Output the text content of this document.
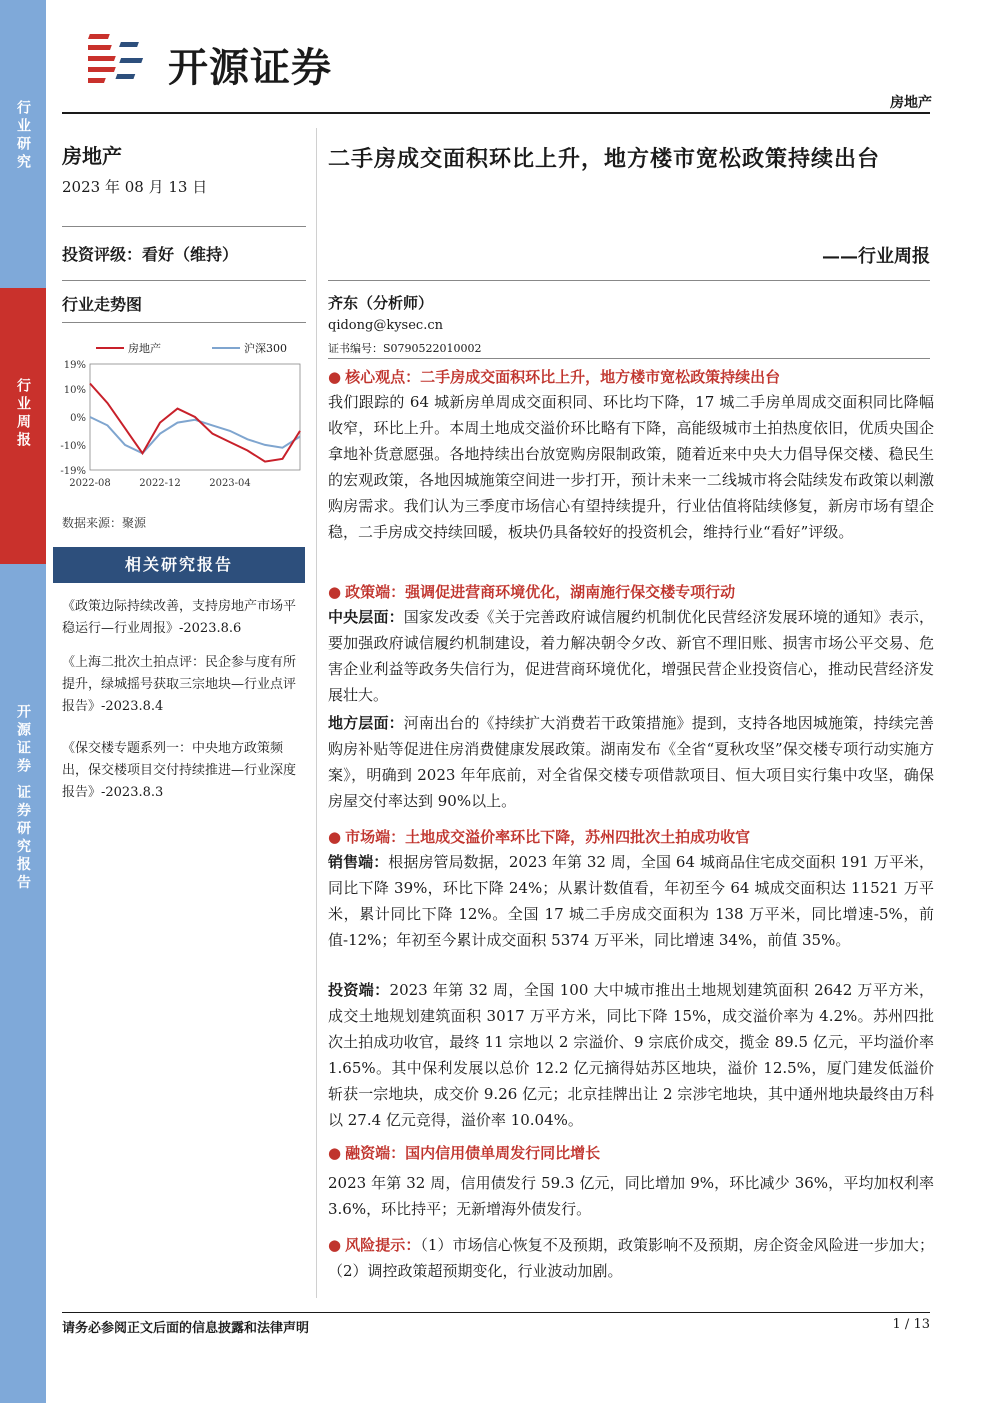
行业研究
行业周报
开源证券 证券研究报告
开源证券
房地产
房地产
2023 年 08 月 13 日
投资评级：看好（维持）
行业走势图
房地产	沪深300
19%
10%
0%
-10%
-19%
2022-08	2022-12	2023-04
数据来源：聚源
相关研究报告
《政策边际持续改善，支持房地产市场平稳运行—行业周报》-2023.8.6
《上海二批次土拍点评：民企参与度有所提升，绿城摇号获取三宗地块—行业点评报告》-2023.8.4
《保交楼专题系列一：中央地方政策频出，保交楼项目交付持续推进—行业深度报告》-2023.8.3
二手房成交面积环比上升，地方楼市宽松政策持续出台
——行业周报
齐东（分析师）
qidong@kysec.cn
证书编号：S0790522010002
● 核心观点：二手房成交面积环比上升，地方楼市宽松政策持续出台
我们跟踪的 64 城新房单周成交面积同、环比均下降，17 城二手房单周成交面积同比降幅收窄，环比上升。本周土地成交溢价环比略有下降，高能级城市土拍热度依旧，优质央国企拿地补货意愿强。各地持续出台放宽购房限制政策，随着近来中央大力倡导保交楼、稳民生的宏观政策，各地因城施策空间进一步打开，预计未来一二线城市将会陆续发布政策以刺激购房需求。我们认为三季度市场信心有望持续提升，行业估值将陆续修复，新房市场有望企稳，二手房成交持续回暖，板块仍具备较好的投资机会，维持行业“看好”评级。
● 政策端：强调促进营商环境优化，湖南施行保交楼专项行动
中央层面：国家发改委《关于完善政府诚信履约机制优化民营经济发展环境的通知》表示，要加强政府诚信履约机制建设，着力解决朝令夕改、新官不理旧账、损害市场公平交易、危害企业利益等政务失信行为，促进营商环境优化，增强民营企业投资信心，推动民营经济发展壮大。
地方层面：河南出台的《持续扩大消费若干政策措施》提到，支持各地因城施策，持续完善购房补贴等促进住房消费健康发展政策。湖南发布《全省“夏秋攻坚”保交楼专项行动实施方案》，明确到 2023 年年底前，对全省保交楼专项借款项目、恒大项目实行集中攻坚，确保房屋交付率达到 90%以上。
● 市场端：土地成交溢价率环比下降，苏州四批次土拍成功收官
销售端：根据房管局数据，2023 年第 32 周，全国 64 城商品住宅成交面积 191 万平米，同比下降 39%，环比下降 24%；从累计数值看，年初至今 64 城成交面积达 11521 万平米，累计同比下降 12%。全国 17 城二手房成交面积为 138 万平米，同比增速-5%，前值-12%；年初至今累计成交面积 5374 万平米，同比增速 34%，前值 35%。
投资端：2023 年第 32 周，全国 100 大中城市推出土地规划建筑面积 2642 万平方米，成交土地规划建筑面积 3017 万平方米，同比下降 15%，成交溢价率为 4.2%。苏州四批次土拍成功收官，最终 11 宗地以 2 宗溢价、9 宗底价成交，揽金 89.5 亿元，平均溢价率 1.65%。其中保利发展以总价 12.2 亿元摘得姑苏区地块，溢价 12.5%，厦门建发低溢价斩获一宗地块，成交价 9.26 亿元；北京挂牌出让 2 宗涉宅地块，其中通州地块最终由万科以 27.4 亿元竞得，溢价率 10.04%。
● 融资端：国内信用债单周发行同比增长
2023 年第 32 周，信用债发行 59.3 亿元，同比增加 9%，环比减少 36%，平均加权利率 3.6%，环比持平；无新增海外债发行。
● 风险提示：（1）市场信心恢复不及预期，政策影响不及预期，房企资金风险进一步加大；（2）调控政策超预期变化，行业波动加剧。
请务必参阅正文后面的信息披露和法律声明	1 / 13
